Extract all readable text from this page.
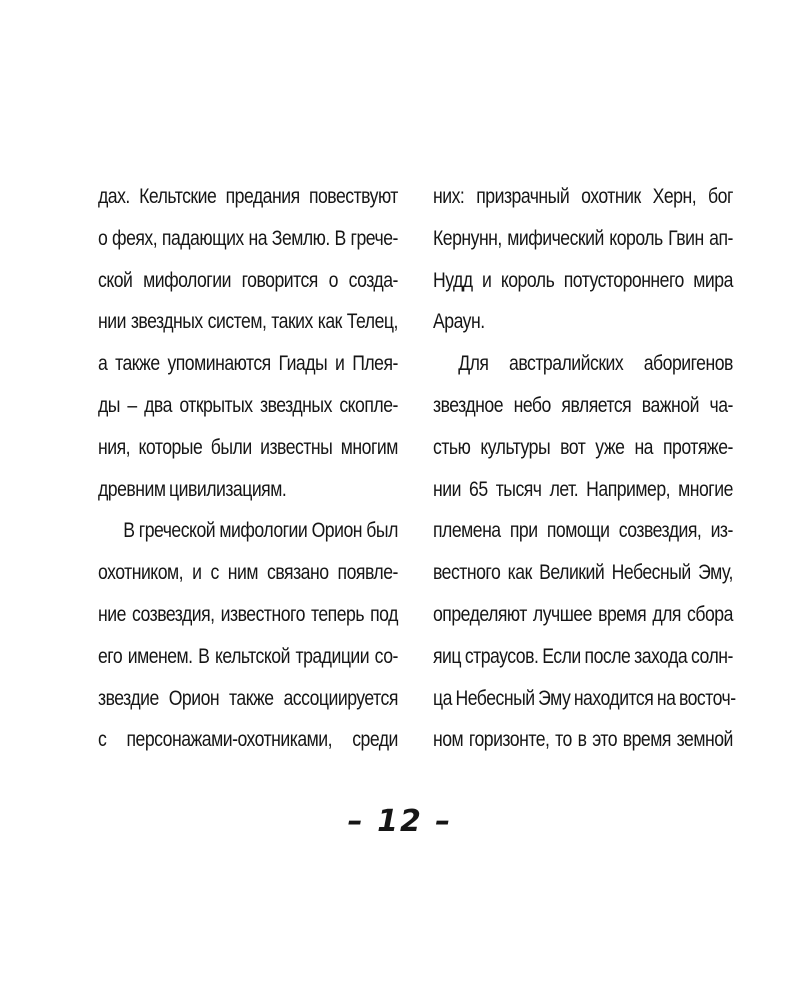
дах. Кельтские предания повествуют
о феях, падающих на Землю. В грече-
ской мифологии говорится о созда-
нии звездных систем, таких как Телец,
а также упоминаются Гиады и Плея-
ды – два открытых звездных скопле-
ния, которые были известны многим
древним цивилизациям.
В греческой мифологии Орион был
охотником, и с ним связано появле-
ние созвездия, известного теперь под
его именем. В кельтской традиции со-
звездие Орион также ассоциируется
с персонажами-охотниками, среди
них: призрачный охотник Херн, бог
Кернунн, мифический король Гвин ап-
Нудд и король потустороннего мира
Араун.
Для австралийских аборигенов
звездное небо является важной ча-
стью культуры вот уже на протяже-
нии 65 тысяч лет. Например, многие
племена при помощи созвездия, из-
вестного как Великий Небесный Эму,
определяют лучшее время для сбора
яиц страусов. Если после захода солн-
ца Небесный Эму находится на восточ-
ном горизонте, то в это время земной
– 12 –
